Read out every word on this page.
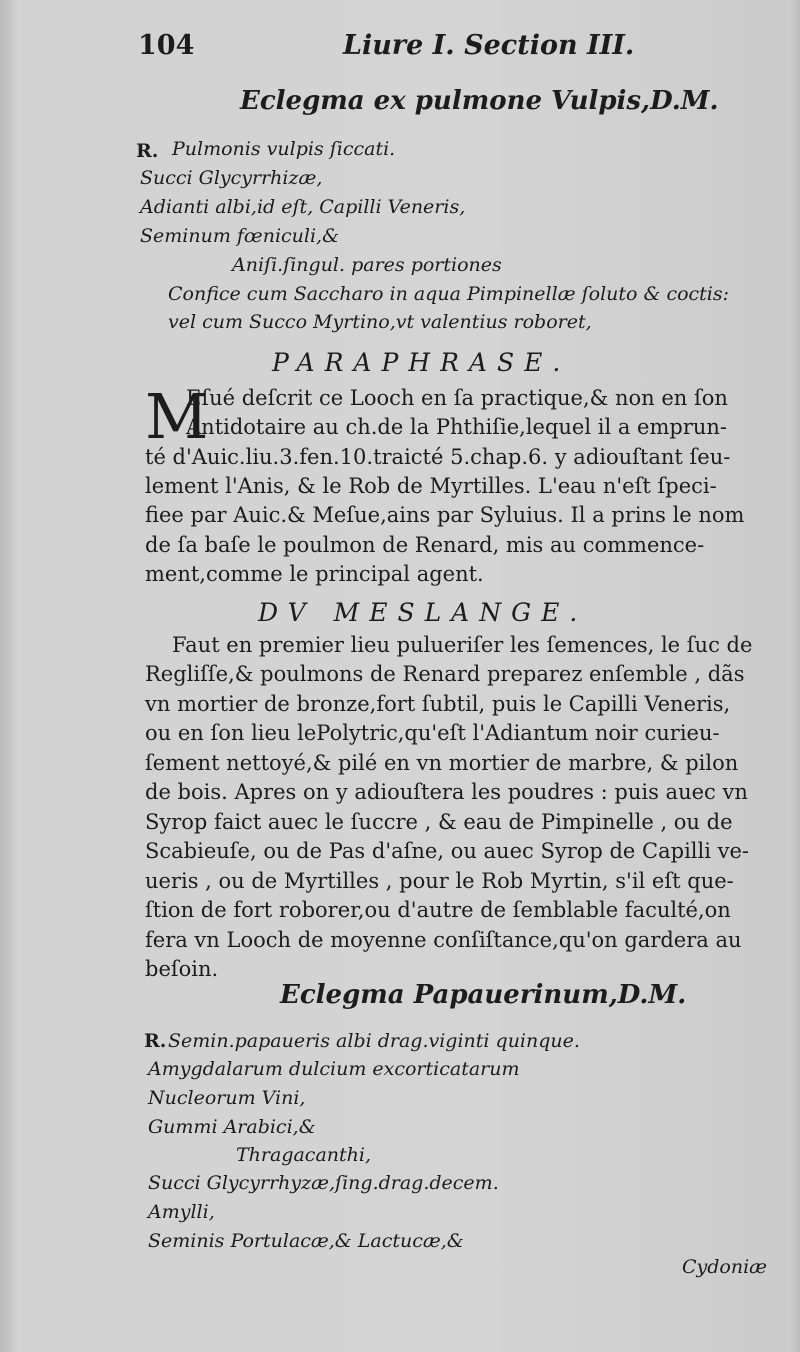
104	Liure I. Section III.
Eclegma ex pulmone Vulpis,D.M.
R. Pulmonis vulpis ſiccati.
Succi Glycyrrhizæ,
Adianti albi,id eſt, Capilli Veneris,
Seminum fœniculi,&
Aniſi.ſingul. pares portiones
Confice cum Saccharo in aqua Pimpinellæ ſoluto & coctis:
vel cum Succo Myrtino,vt valentius roboret,
PARAPHRASE.
M
Eſué deſcrit ce Looch en ſa practique,& non en ſon
Antidotaire au ch.de la Phthiſie,lequel il a emprun-
té d'Auic.liu.3.fen.10.traicté 5.chap.6. y adiouſtant ſeu-
lement l'Anis, & le Rob de Myrtilles. L'eau n'eſt ſpeci-
fiee par Auic.& Meſue,ains par Syluius. Il a prins le nom
de ſa baſe le poulmon de Renard, mis au commence-
ment,comme le principal agent.
DV MESLANGE.
Faut en premier lieu pulueriſer les ſemences, le ſuc de
Regliſſe,& poulmons de Renard preparez enſemble , dãs
vn mortier de bronze,fort ſubtil, puis le Capilli Veneris,
ou en ſon lieu lePolytric,qu'eſt l'Adiantum noir curieu-
ſement nettoyé,& pilé en vn mortier de marbre, & pilon
de bois. Apres on y adiouſtera les poudres : puis auec vn
Syrop faict auec le ſuccre , & eau de Pimpinelle , ou de
Scabieuſe, ou de Pas d'aſne, ou auec Syrop de Capilli ve-
ueris , ou de Myrtilles , pour le Rob Myrtin, s'il eſt que-
ſtion de fort roborer,ou d'autre de ſemblable faculté,on
fera vn Looch de moyenne conſiſtance,qu'on gardera au
beſoin.
Eclegma Papauerinum,D.M.
R. Semin.papaueris albi drag.viginti quinque.
Amygdalarum dulcium excorticatarum
Nucleorum Vini,
Gummi Arabici,&
Thragacanthi,
Succi Glycyrrhyzæ,ſing.drag.decem.
Amylli,
Seminis Portulacæ,& Lactucæ,&
Cydoniæ
